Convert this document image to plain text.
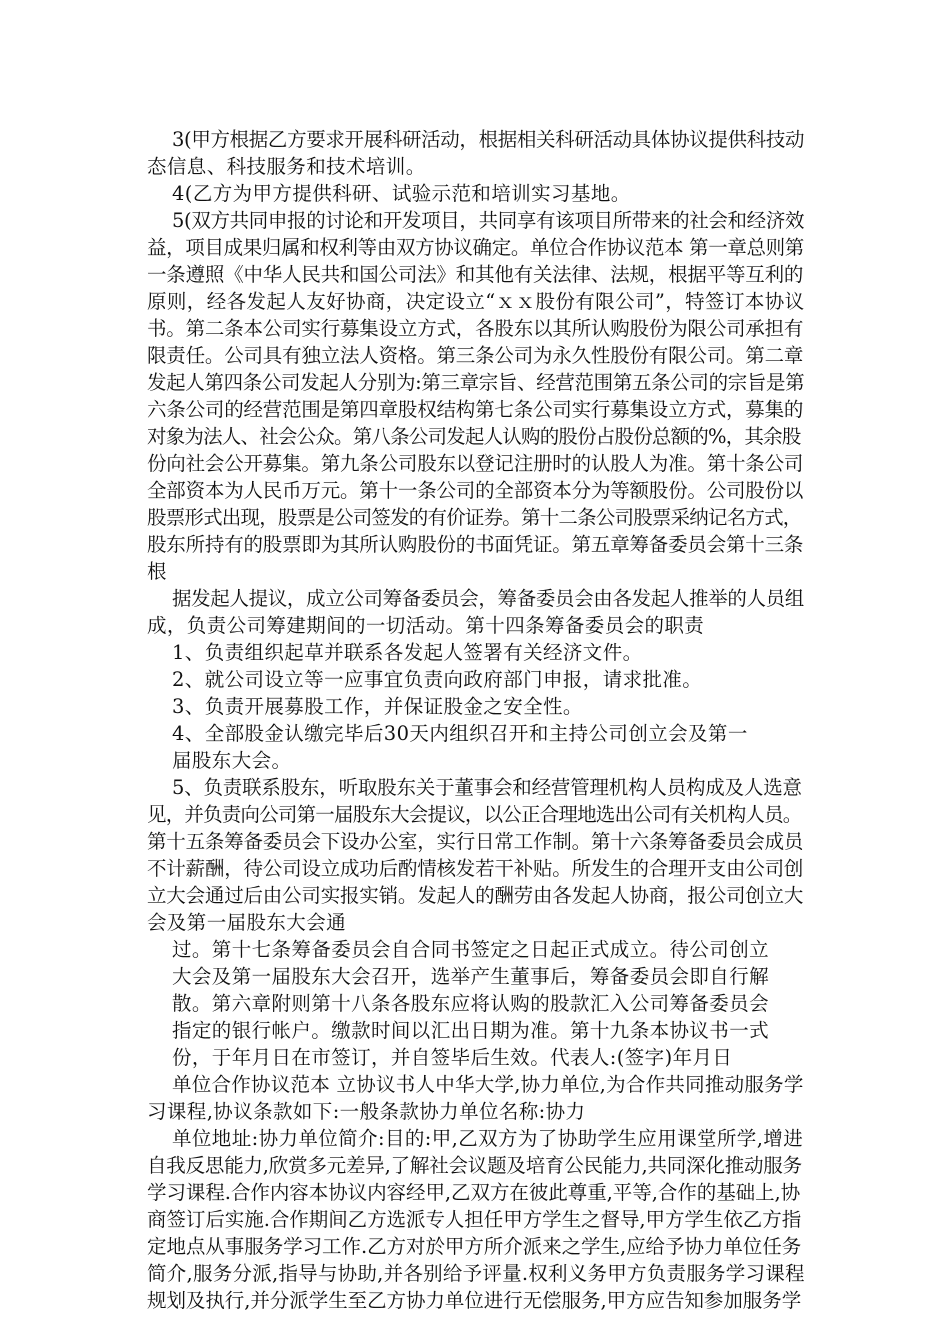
3(甲方根据乙方要求开展科研活动，根据相关科研活动具体协议提供科技动
态信息、科技服务和技术培训。
4(乙方为甲方提供科研、试验示范和培训实习基地。
5(双方共同申报的讨论和开发项目，共同享有该项目所带来的社会和经济效
益，项目成果归属和权利等由双方协议确定。单位合作协议范本 第一章总则第
一条遵照《中华人民共和国公司法》和其他有关法律、法规，根据平等互利的
原则，经各发起人友好协商，决定设立“ｘｘ股份有限公司”，特签订本协议
书。第二条本公司实行募集设立方式，各股东以其所认购股份为限公司承担有
限责任。公司具有独立法人资格。第三条公司为永久性股份有限公司。第二章
发起人第四条公司发起人分别为:第三章宗旨、经营范围第五条公司的宗旨是第
六条公司的经营范围是第四章股权结构第七条公司实行募集设立方式，募集的
对象为法人、社会公众。第八条公司发起人认购的股份占股份总额的%，其余股
份向社会公开募集。第九条公司股东以登记注册时的认股人为准。第十条公司
全部资本为人民币万元。第十一条公司的全部资本分为等额股份。公司股份以
股票形式出现，股票是公司签发的有价证券。第十二条公司股票采纳记名方式，
股东所持有的股票即为其所认购股份的书面凭证。第五章筹备委员会第十三条
根
据发起人提议，成立公司筹备委员会，筹备委员会由各发起人推举的人员组
成，负责公司筹建期间的一切活动。第十四条筹备委员会的职责
1、负责组织起草并联系各发起人签署有关经济文件。
2、就公司设立等一应事宜负责向政府部门申报，请求批准。
3、负责开展募股工作，并保证股金之安全性。
4、全部股金认缴完毕后30天内组织召开和主持公司创立会及第一
届股东大会。
5、负责联系股东，听取股东关于董事会和经营管理机构人员构成及人选意
见，并负责向公司第一届股东大会提议，以公正合理地选出公司有关机构人员。
第十五条筹备委员会下设办公室，实行日常工作制。第十六条筹备委员会成员
不计薪酬，待公司设立成功后酌情核发若干补贴。所发生的合理开支由公司创
立大会通过后由公司实报实销。发起人的酬劳由各发起人协商，报公司创立大
会及第一届股东大会通
过。第十七条筹备委员会自合同书签定之日起正式成立。待公司创立
大会及第一届股东大会召开，选举产生董事后，筹备委员会即自行解
散。第六章附则第十八条各股东应将认购的股款汇入公司筹备委员会
指定的银行帐户。缴款时间以汇出日期为准。第十九条本协议书一式
份，于年月日在市签订，并自签毕后生效。代表人:(签字)年月日
单位合作协议范本 立协议书人中华大学,协力单位,为合作共同推动服务学
习课程,协议条款如下:一般条款协力单位名称:协力
单位地址:协力单位简介:目的:甲,乙双方为了协助学生应用课堂所学,增进
自我反思能力,欣赏多元差异,了解社会议题及培育公民能力,共同深化推动服务
学习课程.合作内容本协议内容经甲,乙双方在彼此尊重,平等,合作的基础上,协
商签订后实施.合作期间乙方选派专人担任甲方学生之督导,甲方学生依乙方指
定地点从事服务学习工作.乙方对於甲方所介派来之学生,应给予协力单位任务
简介,服务分派,指导与协助,并各别给予评量.权利义务甲方负责服务学习课程
规划及执行,并分派学生至乙方协力单位进行无偿服务,甲方应告知参加服务学
